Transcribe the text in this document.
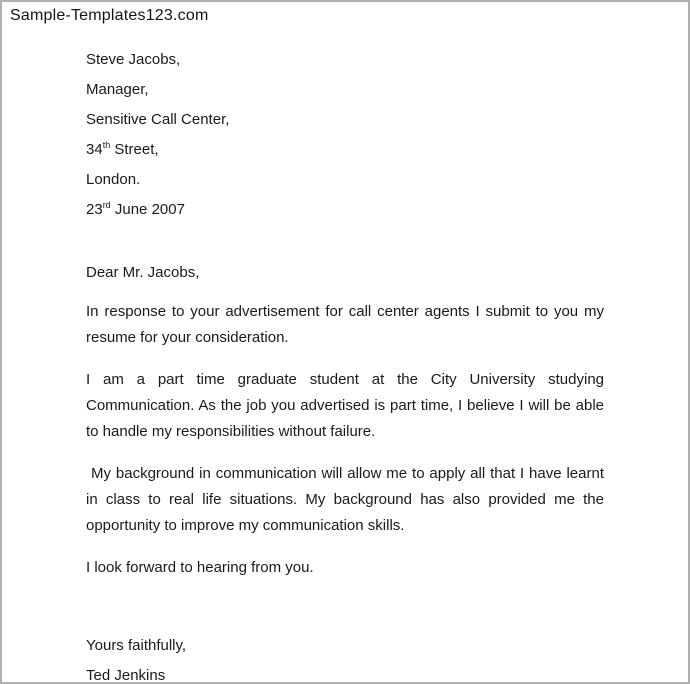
Sample-Templates123.com

Steve Jacobs,

Manager,

Sensitive Call Center,

34th Street,

London.

23rd June 2007

Dear Mr. Jacobs,

In response to your advertisement for call center agents I submit to you my resume for your consideration.

I am a part time graduate student at the City University studying Communication. As the job you advertised is part time, I believe I will be able to handle my responsibilities without failure.

My background in communication will allow me to apply all that I have learnt in class to real life situations. My background has also provided me the opportunity to improve my communication skills.

I look forward to hearing from you.

Yours faithfully,

Ted Jenkins
